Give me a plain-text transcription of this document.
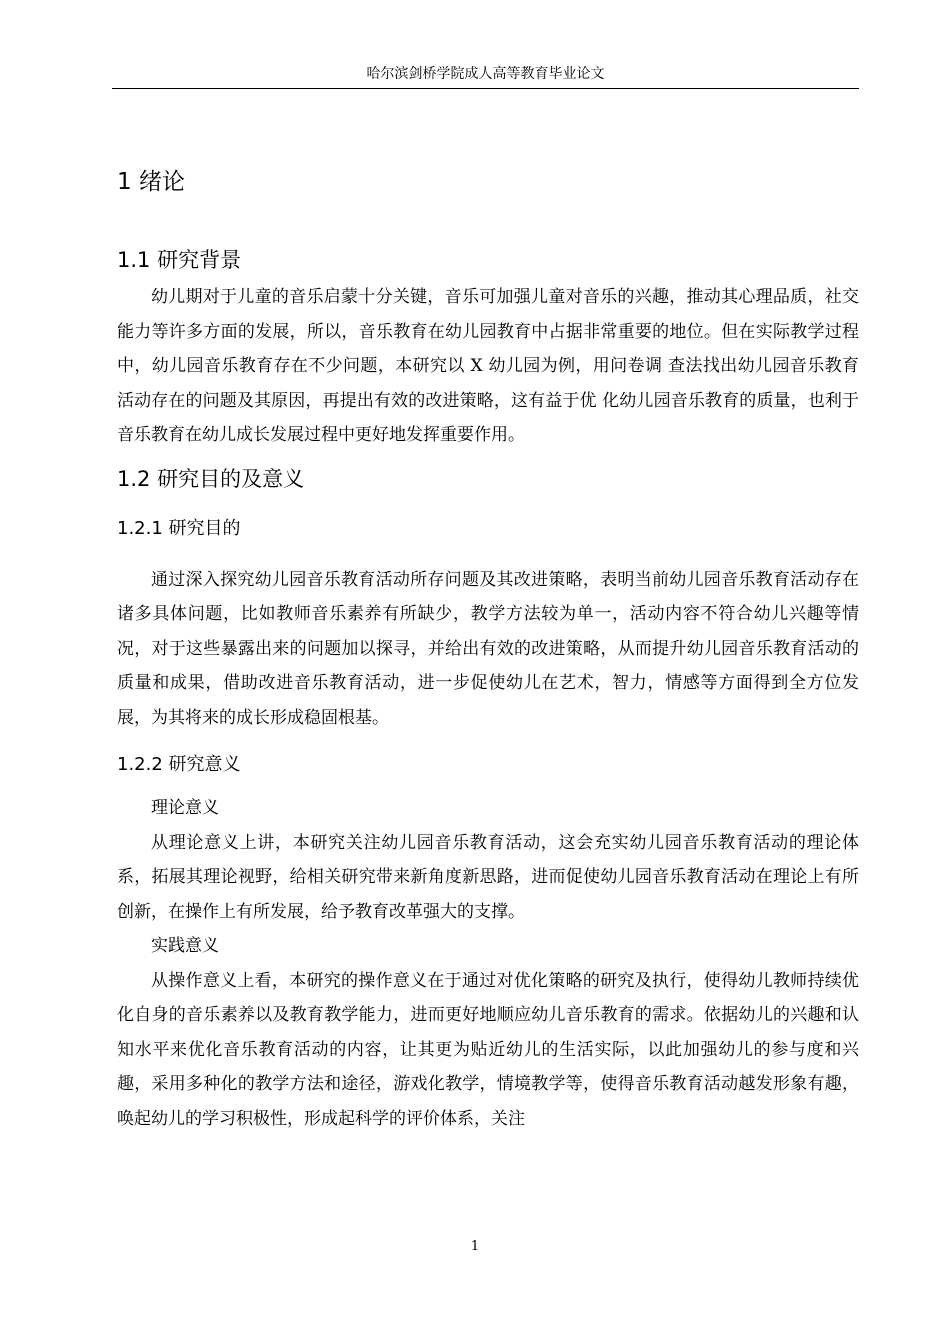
哈尔滨剑桥学院成人高等教育毕业论文
1 绪论
1.1 研究背景

幼儿期对于儿童的音乐启蒙十分关键，音乐可加强儿童对音乐的兴趣，推动其心理品质，社交能力等许多方面的发展，所以，音乐教育在幼儿园教育中占据非常重要的地位。但在实际教学过程中，幼儿园音乐教育存在不少问题，本研究以 X 幼儿园为例，用问卷调 查法找出幼儿园音乐教育活动存在的问题及其原因，再提出有效的改进策略，这有益于优 化幼儿园音乐教育的质量，也利于音乐教育在幼儿成长发展过程中更好地发挥重要作用。

1.2 研究目的及意义
1.2.1 研究目的

通过深入探究幼儿园音乐教育活动所存问题及其改进策略，表明当前幼儿园音乐教育活动存在诸多具体问题，比如教师音乐素养有所缺少，教学方法较为单一，活动内容不符合幼儿兴趣等情况，对于这些暴露出来的问题加以探寻，并给出有效的改进策略，从而提升幼儿园音乐教育活动的质量和成果，借助改进音乐教育活动，进一步促使幼儿在艺术，智力，情感等方面得到全方位发展，为其将来的成长形成稳固根基。

1.2.2 研究意义

理论意义

从理论意义上讲，本研究关注幼儿园音乐教育活动，这会充实幼儿园音乐教育活动的理论体系，拓展其理论视野，给相关研究带来新角度新思路，进而促使幼儿园音乐教育活动在理论上有所创新，在操作上有所发展，给予教育改革强大的支撑。

实践意义

从操作意义上看，本研究的操作意义在于通过对优化策略的研究及执行，使得幼儿教师持续优化自身的音乐素养以及教育教学能力，进而更好地顺应幼儿音乐教育的需求。依据幼儿的兴趣和认知水平来优化音乐教育活动的内容，让其更为贴近幼儿的生活实际，以此加强幼儿的参与度和兴趣，采用多种化的教学方法和途径，游戏化教学，情境教学等，使得音乐教育活动越发形象有趣，唤起幼儿的学习积极性，形成起科学的评价体系，关注

1
